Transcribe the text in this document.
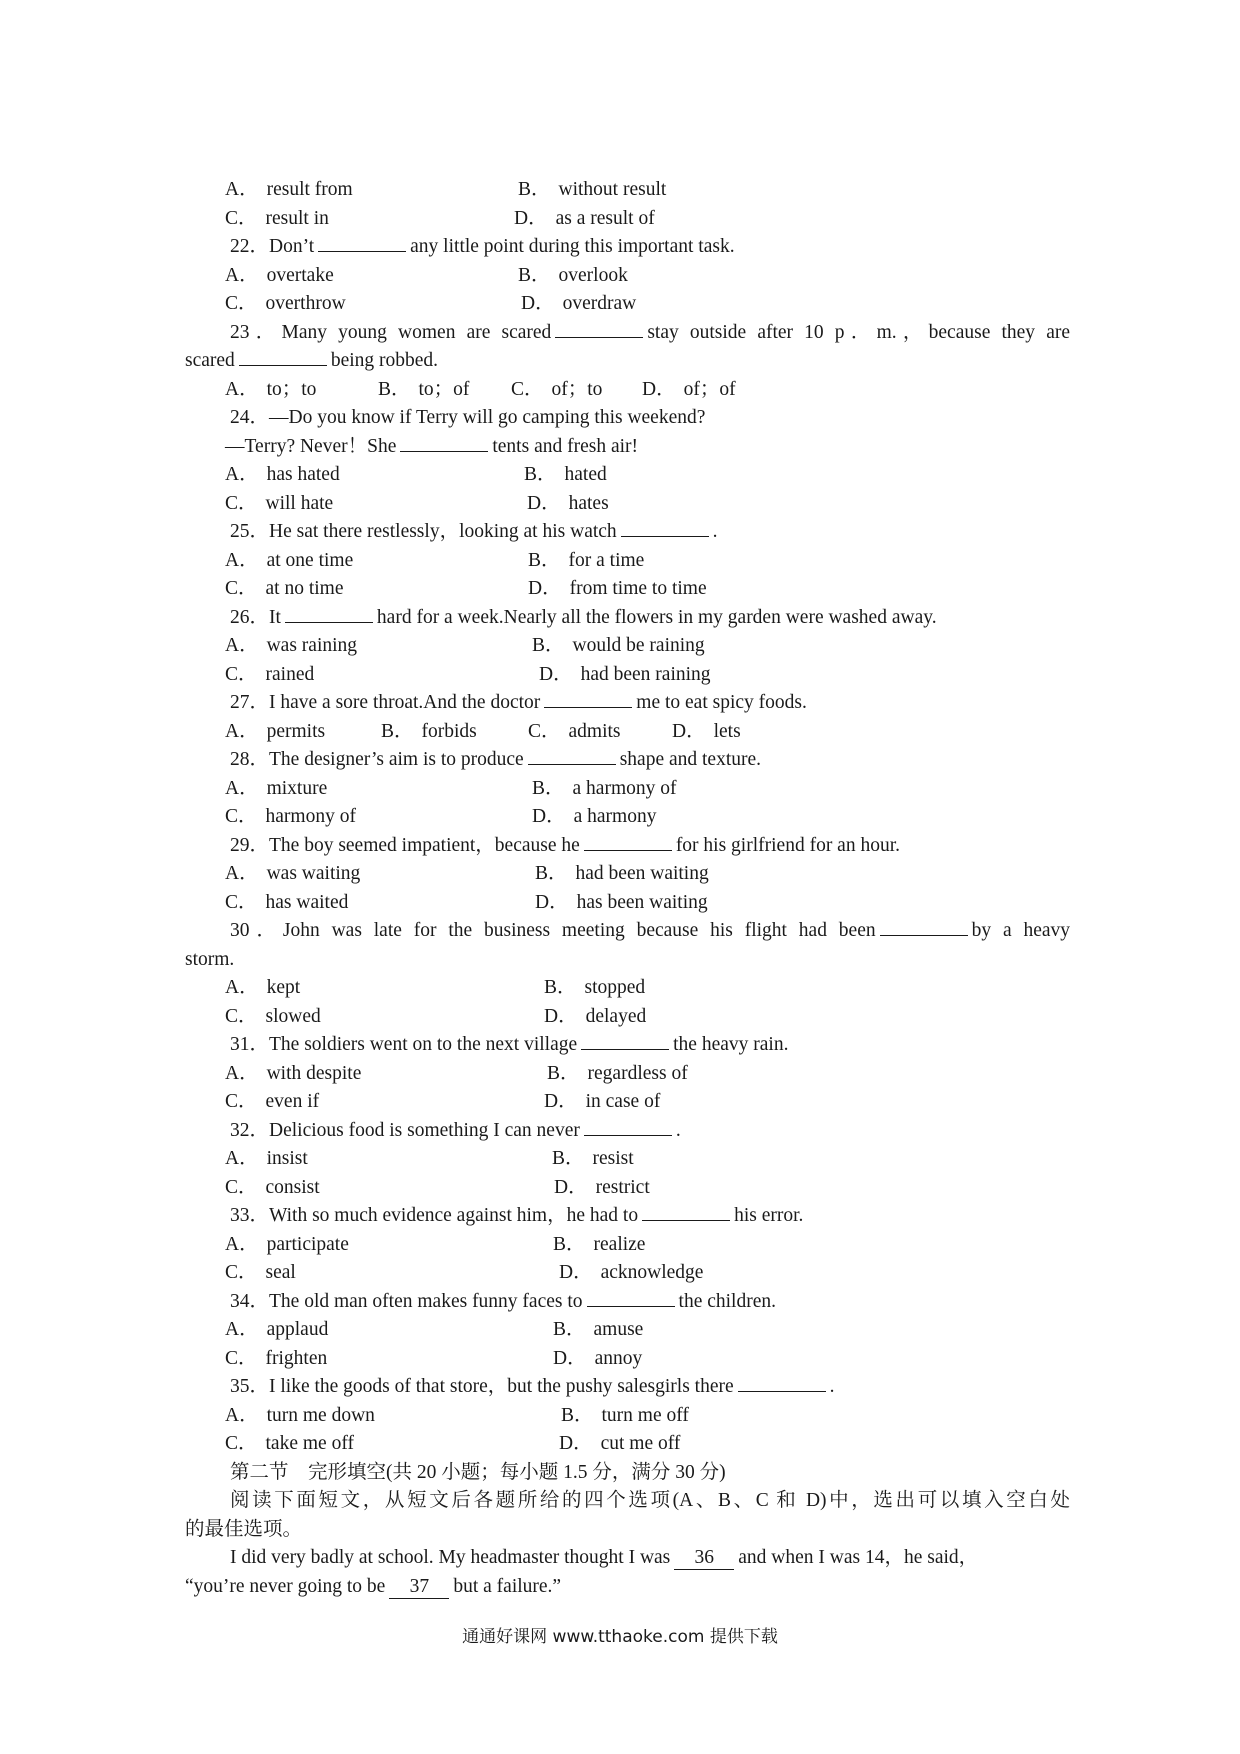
A． result from	B． without result
C． result in	D． as a result of
22．Don’t	any little point during this important task.
A． overtake	B． overlook
C． overthrow	D． overdraw
23．Many young women are scared	stay outside after 10 p．m.，because they are
scared	being robbed.
A． to；to	B． to；of C． of；to D． of；of
24．—Do you know if Terry will go camping this weekend?
—Terry? Never！She	tents and fresh air!
A． has hated	B． hated
C． will hate	D． hates
25．He sat there restlessly，looking at his watch	.
A． at one time	B． for a time
C． at no time	D． from time to time
26．It	hard for a week.Nearly all the flowers in my garden were washed away.
A． was raining	B． would be raining
C． rained	D． had been raining
27．I have a sore throat.And the doctor	me to eat spicy foods.
A． permits	B． forbids	C． admits	D． lets
28．The designer’s aim is to produce	shape and texture.
A． mixture	B． a harmony of
C． harmony of	D． a harmony
29．The boy seemed impatient，because he	for his girlfriend for an hour.
A． was waiting	B． had been waiting
C． has waited	D． has been waiting
30．John was late for the business meeting because his flight had been	by a heavy
storm.
A． kept	B． stopped
C． slowed	D． delayed
31．The soldiers went on to the next village	the heavy rain.
A． with despite	B． regardless of
C． even if	D． in case of
32．Delicious food is something I can never	.
A． insist	B． resist
C． consist	D． restrict
33．With so much evidence against him，he had to	his error.
A． participate	B． realize
C． seal	D． acknowledge
34．The old man often makes funny faces to	the children.
A． applaud	B． amuse
C． frighten	D． annoy
35．I like the goods of that store，but the pushy salesgirls there	.
A． turn me down	B． turn me off
C． take me off	D． cut me off
第二节　完形填空(共 20 小题；每小题 1.5 分，满分 30 分)
阅读下面短文，从短文后各题所给的四个选项(A、B、C 和 D)中，选出可以填入空白处
的最佳选项。
I did very badly at school. My headmaster thought I was 36 and when I was 14，he said，
“you’re never going to be 37 but a failure.”
通通好课网 www.tthaoke.com 提供下载
